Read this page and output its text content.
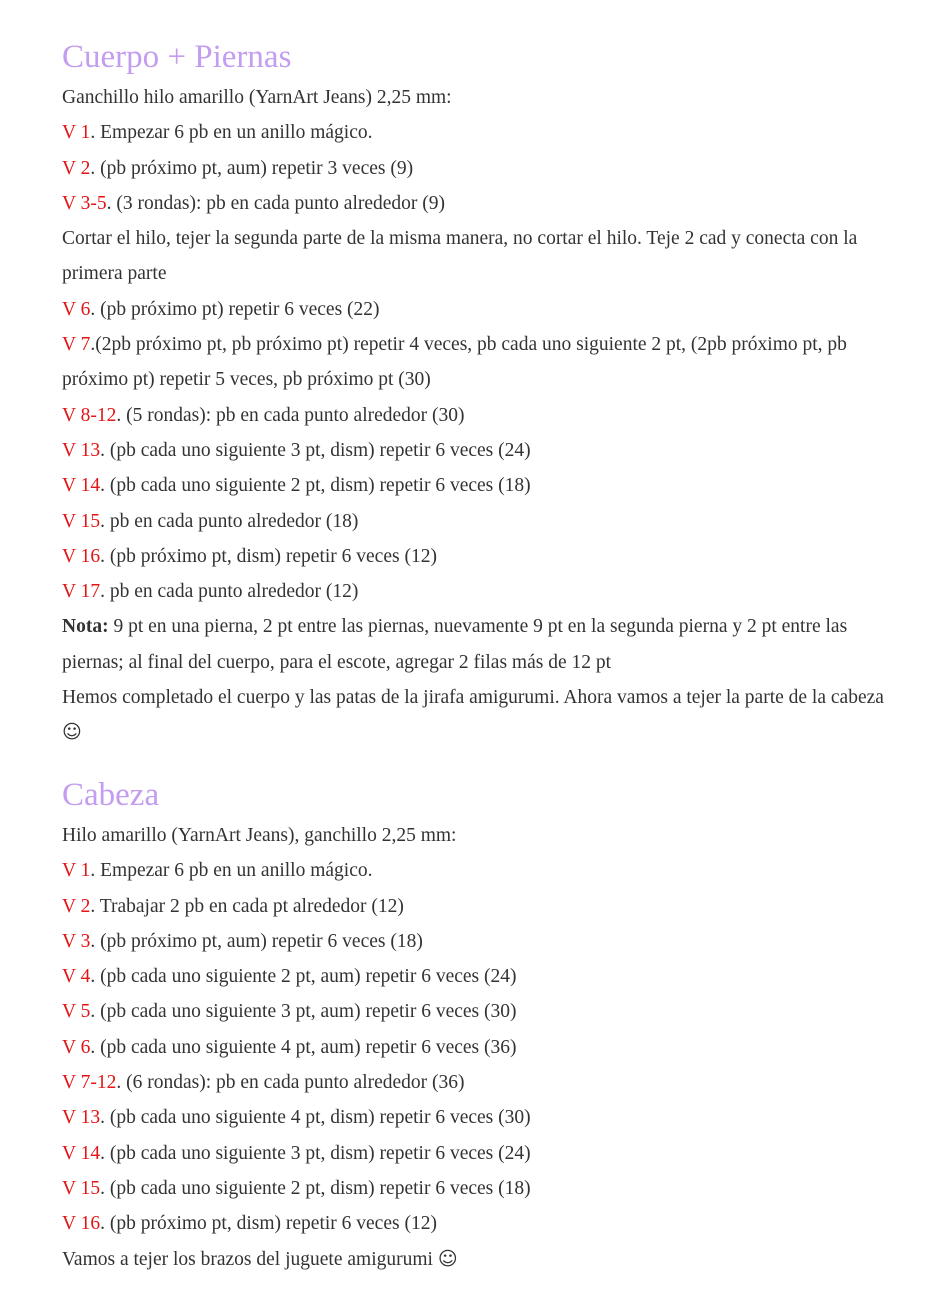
Cuerpo + Piernas

Ganchillo hilo amarillo (YarnArt Jeans) 2,25 mm:

V 1. Empezar 6 pb en un anillo mágico.

V 2. (pb próximo pt, aum) repetir 3 veces (9)

V 3-5. (3 rondas): pb en cada punto alrededor (9)

Cortar el hilo, tejer la segunda parte de la misma manera, no cortar el hilo. Teje 2 cad y conecta con la primera parte

V 6. (pb próximo pt) repetir 6 veces (22)

V 7.(2pb próximo pt, pb próximo pt) repetir 4 veces, pb cada uno siguiente 2 pt, (2pb próximo pt, pb próximo pt) repetir 5 veces, pb próximo pt (30)

V 8-12. (5 rondas): pb en cada punto alrededor (30)

V 13. (pb cada uno siguiente 3 pt, dism) repetir 6 veces (24)

V 14. (pb cada uno siguiente 2 pt, dism) repetir 6 veces (18)

V 15. pb en cada punto alrededor (18)

V 16. (pb próximo pt, dism) repetir 6 veces (12)

V 17. pb en cada punto alrededor (12)

Nota: 9 pt en una pierna, 2 pt entre las piernas, nuevamente 9 pt en la segunda pierna y 2 pt entre las piernas; al final del cuerpo, para el escote, agregar 2 filas más de 12 pt

Hemos completado el cuerpo y las patas de la jirafa amigurumi. Ahora vamos a tejer la parte de la cabeza ☺

Cabeza

Hilo amarillo (YarnArt Jeans), ganchillo 2,25 mm:

V 1. Empezar 6 pb en un anillo mágico.

V 2. Trabajar 2 pb en cada pt alrededor (12)

V 3. (pb próximo pt, aum) repetir 6 veces (18)

V 4. (pb cada uno siguiente 2 pt, aum) repetir 6 veces (24)

V 5. (pb cada uno siguiente 3 pt, aum) repetir 6 veces (30)

V 6. (pb cada uno siguiente 4 pt, aum) repetir 6 veces (36)

V 7-12. (6 rondas): pb en cada punto alrededor (36)

V 13. (pb cada uno siguiente 4 pt, dism) repetir 6 veces (30)

V 14. (pb cada uno siguiente 3 pt, dism) repetir 6 veces (24)

V 15. (pb cada uno siguiente 2 pt, dism) repetir 6 veces (18)

V 16. (pb próximo pt, dism) repetir 6 veces (12)

Vamos a tejer los brazos del juguete amigurumi ☺
